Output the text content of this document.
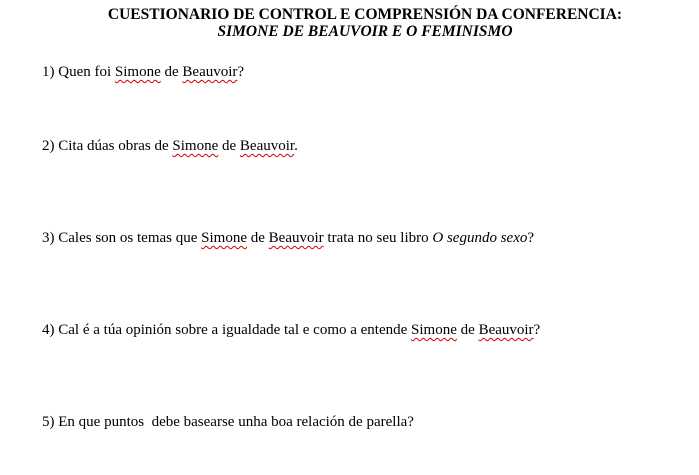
CUESTIONARIO DE CONTROL E COMPRENSIÓN DA CONFERENCIA:
SIMONE DE BEAUVOIR E O FEMINISMO
1) Quen foi Simone de Beauvoir?
2) Cita dúas obras de Simone de Beauvoir.
3) Cales son os temas que Simone de Beauvoir trata no seu libro O segundo sexo?
4) Cal é a túa opinión sobre a igualdade tal e como a entende Simone de Beauvoir?
5) En que puntos  debe basearse unha boa relación de parella?
